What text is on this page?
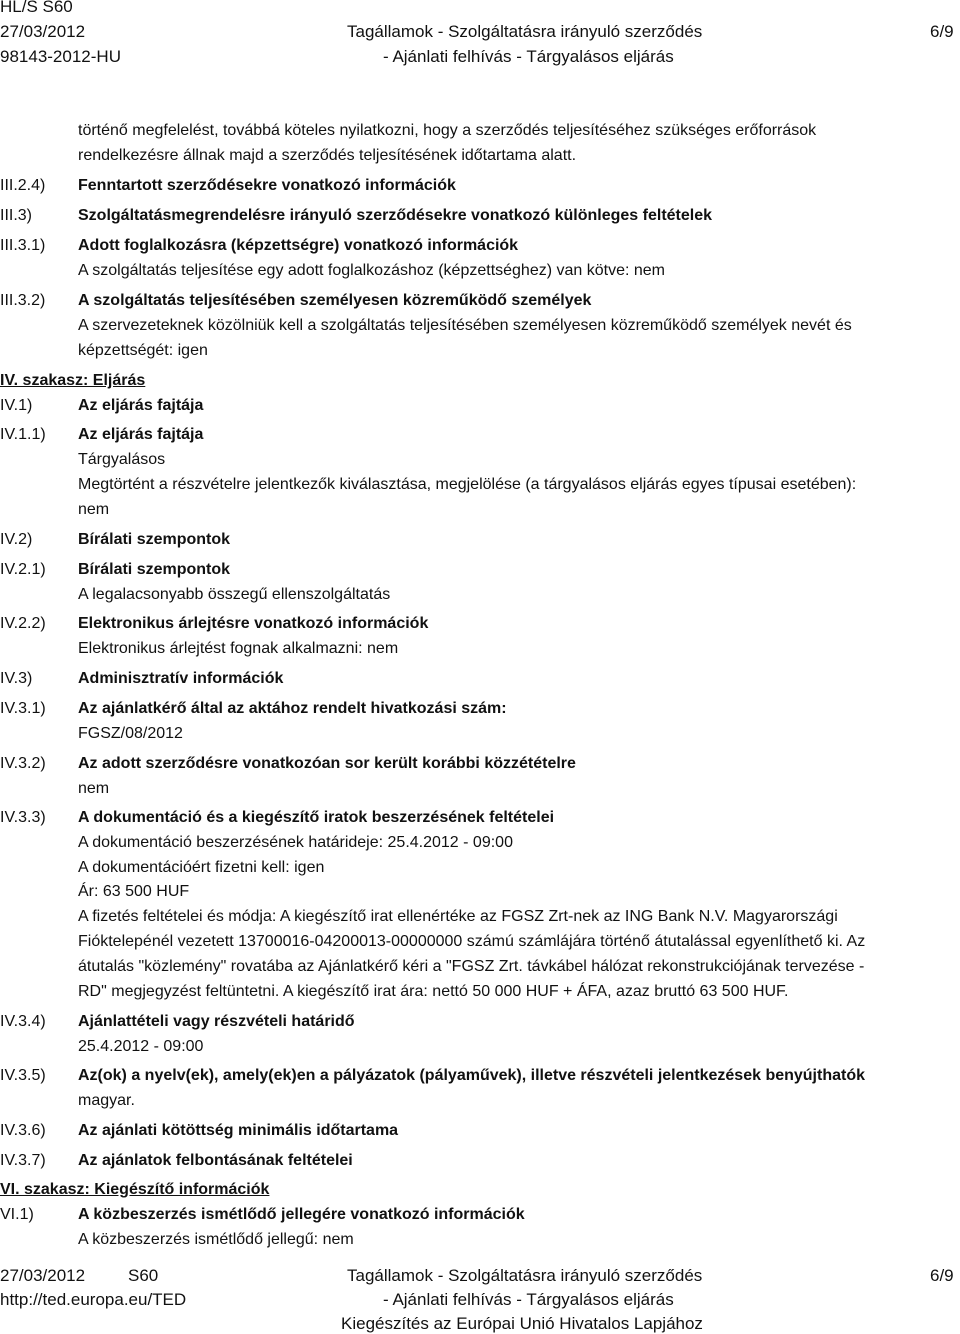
HL/S S60
27/03/2012
98143-2012-HU
Tagállamok - Szolgáltatásra irányuló szerződés
- Ajánlati felhívás - Tárgyalásos eljárás
6/9
történő megfelelést, továbbá köteles nyilatkozni, hogy a szerződés teljesítéséhez szükséges erőforrások
rendelkezésre állnak majd a szerződés teljesítésének időtartama alatt.
III.2.4) Fenntartott szerződésekre vonatkozó információk
III.3)	Szolgáltatásmegrendelésre irányuló szerződésekre vonatkozó különleges feltételek
III.3.1) Adott foglalkozásra (képzettségre) vonatkozó információk
A szolgáltatás teljesítése egy adott foglalkozáshoz (képzettséghez) van kötve: nem
III.3.2) A szolgáltatás teljesítésében személyesen közreműködő személyek
A szervezeteknek közölniük kell a szolgáltatás teljesítésében személyesen közreműködő személyek nevét és
képzettségét: igen
IV. szakasz: Eljárás
IV.1)	Az eljárás fajtája
IV.1.1) Az eljárás fajtája
Tárgyalásos
Megtörtént a részvételre jelentkezők kiválasztása, megjelölése (a tárgyalásos eljárás egyes típusai esetében):
nem
IV.2)	Bírálati szempontok
IV.2.1) Bírálati szempontok
A legalacsonyabb összegű ellenszolgáltatás
IV.2.2) Elektronikus árlejtésre vonatkozó információk
Elektronikus árlejtést fognak alkalmazni: nem
IV.3)	Adminisztratív információk
IV.3.1) Az ajánlatkérő által az aktához rendelt hivatkozási szám:
FGSZ/08/2012
IV.3.2) Az adott szerződésre vonatkozóan sor került korábbi közzétételre
nem
IV.3.3) A dokumentáció és a kiegészítő iratok beszerzésének feltételei
A dokumentáció beszerzésének határideje: 25.4.2012 - 09:00
A dokumentációért fizetni kell: igen
Ár: 63 500 HUF
A fizetés feltételei és módja: A kiegészítő irat ellenértéke az FGSZ Zrt-nek az ING Bank N.V. Magyarországi
Fióktelepénél vezetett 13700016-04200013-00000000 számú számlájára történő átutalással egyenlíthető ki. Az
átutalás "közlemény" rovatába az Ajánlatkérő kéri a "FGSZ Zrt. távkábel hálózat rekonstrukciójának tervezése -
RD" megjegyzést feltüntetni. A kiegészítő irat ára: nettó 50 000 HUF + ÁFA, azaz bruttó 63 500 HUF.
IV.3.4) Ajánlattételi vagy részvételi határidő
25.4.2012 - 09:00
IV.3.5) Az(ok) a nyelv(ek), amely(ek)en a pályázatok (pályaművek), illetve részvételi jelentkezések benyújthatók
magyar.
IV.3.6) Az ajánlati kötöttség minimális időtartama
IV.3.7) Az ajánlatok felbontásának feltételei
VI. szakasz: Kiegészítő információk
VI.1)	A közbeszerzés ismétlődő jellegére vonatkozó információk
A közbeszerzés ismétlődő jellegű: nem
27/03/2012	S60
http://ted.europa.eu/TED
Tagállamok - Szolgáltatásra irányuló szerződés
- Ajánlati felhívás - Tárgyalásos eljárás
Kiegészítés az Európai Unió Hivatalos Lapjához
6/9
